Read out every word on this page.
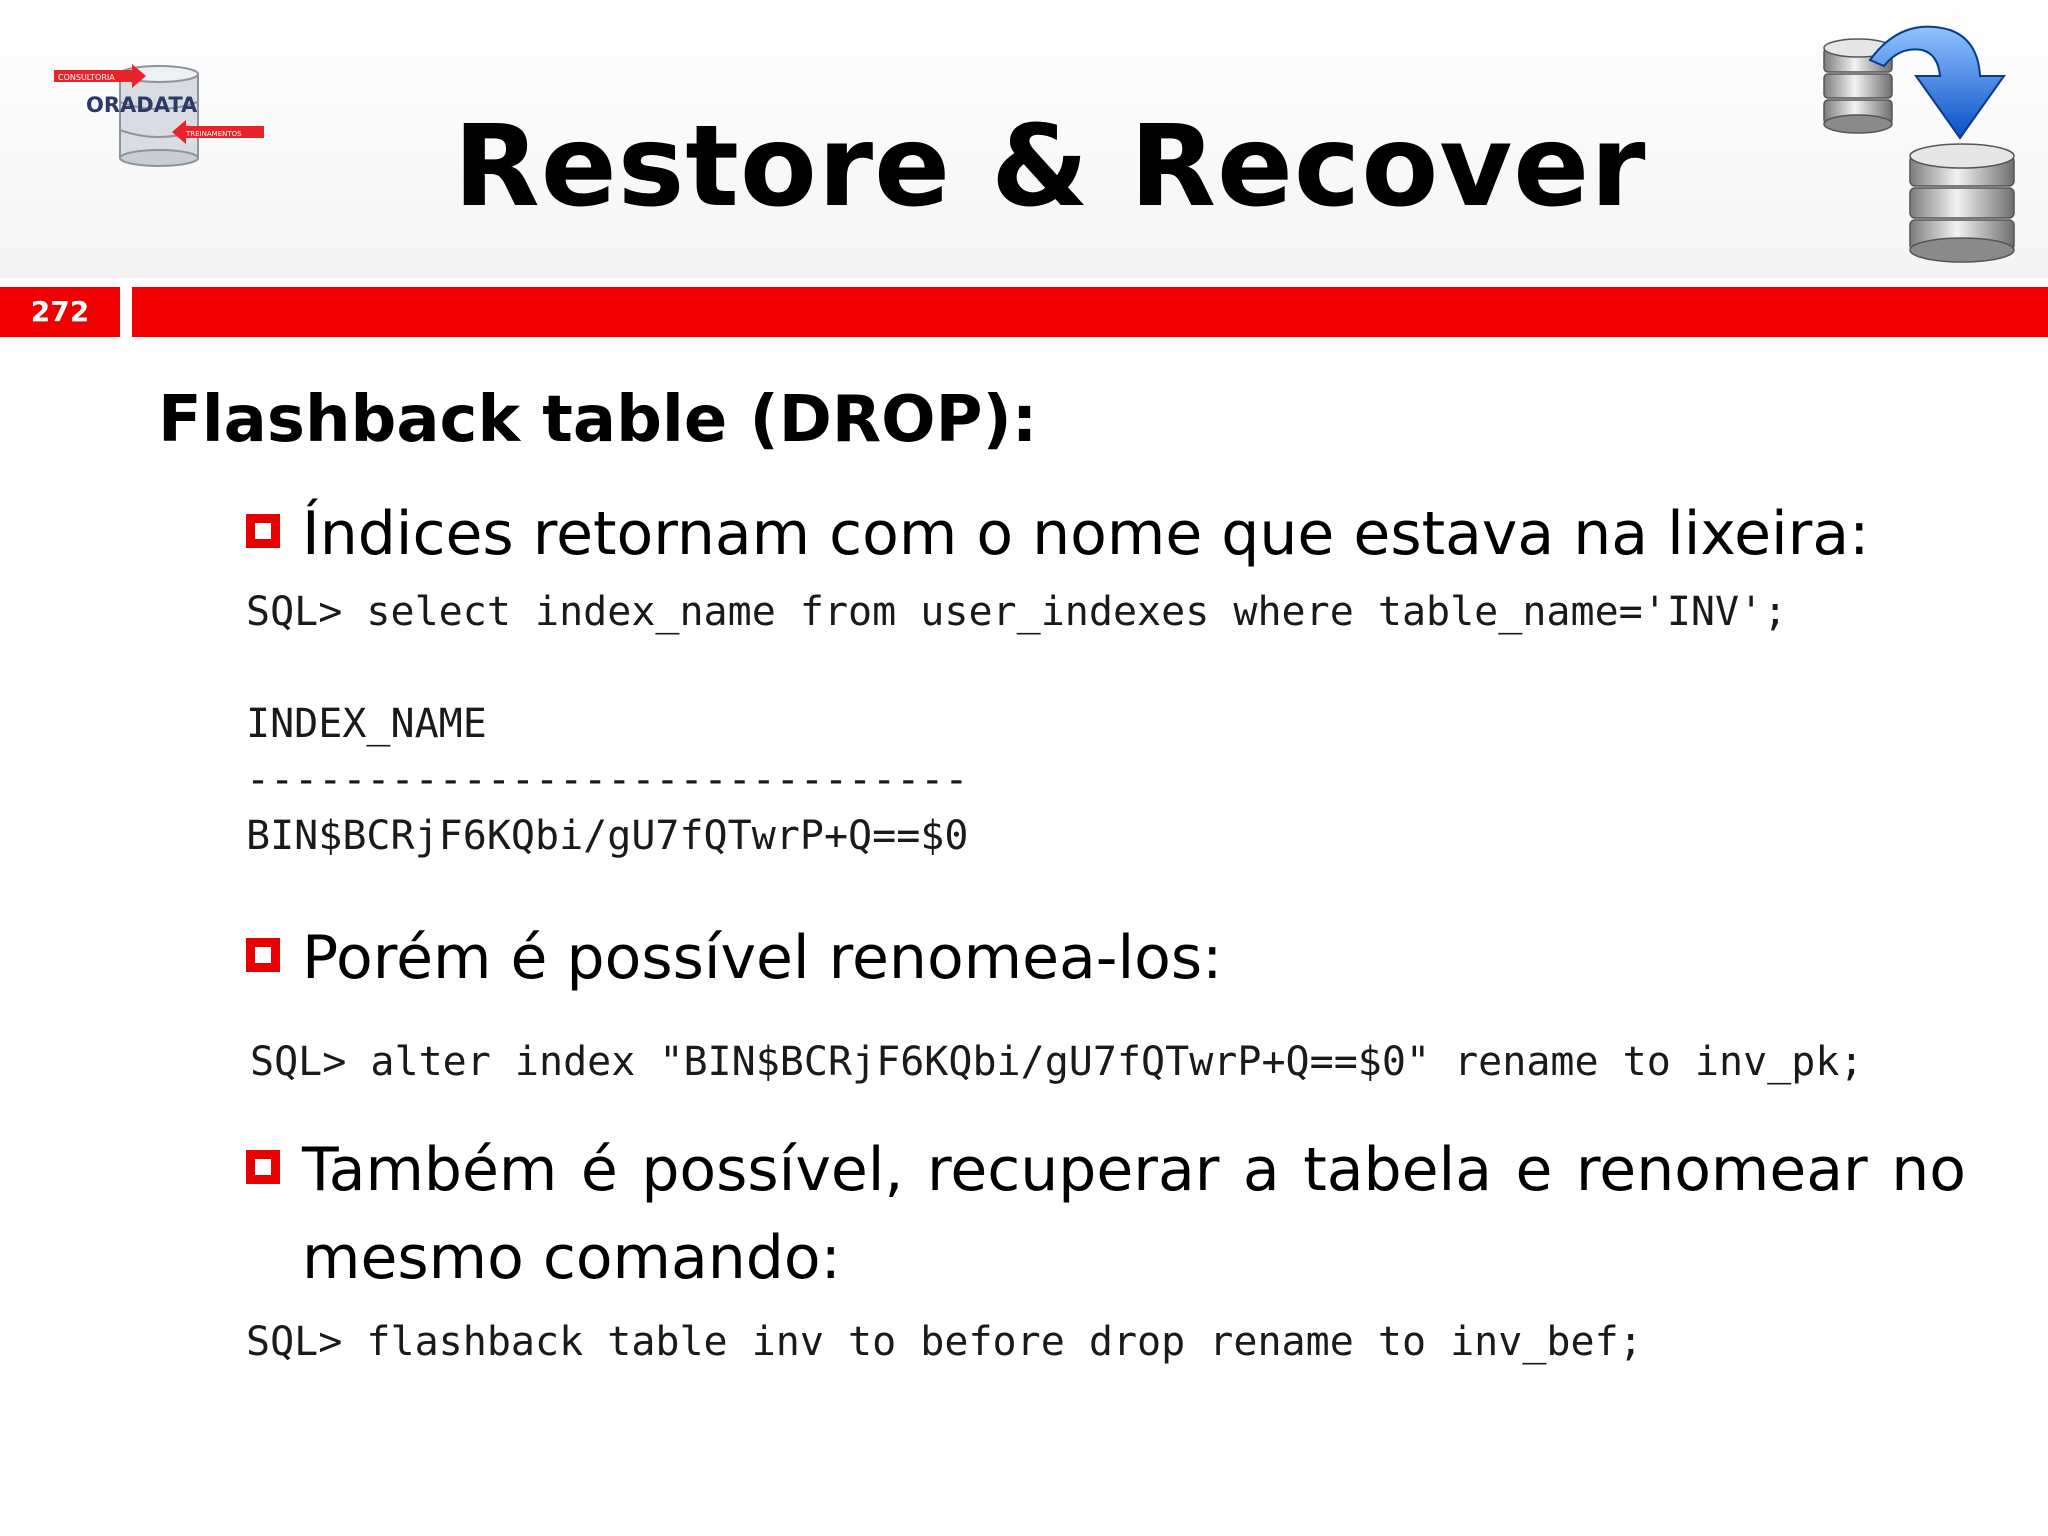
CONSULTORIA
ORADATA
TREINAMENTOS	Restore & Recover
272
Flashback table (DROP):
Índices retornam com o nome que estava na lixeira:
SQL> select index_name from user_indexes where table_name='INV';
INDEX_NAME
------------------------------
BIN$BCRjF6KQbi/gU7fQTwrP+Q==$0
Porém é possível renomea-los:
SQL> alter index "BIN$BCRjF6KQbi/gU7fQTwrP+Q==$0" rename to inv_pk;
Também é possível, recuperar a tabela e renomear no mesmo comando:
SQL> flashback table inv to before drop rename to inv_bef;
